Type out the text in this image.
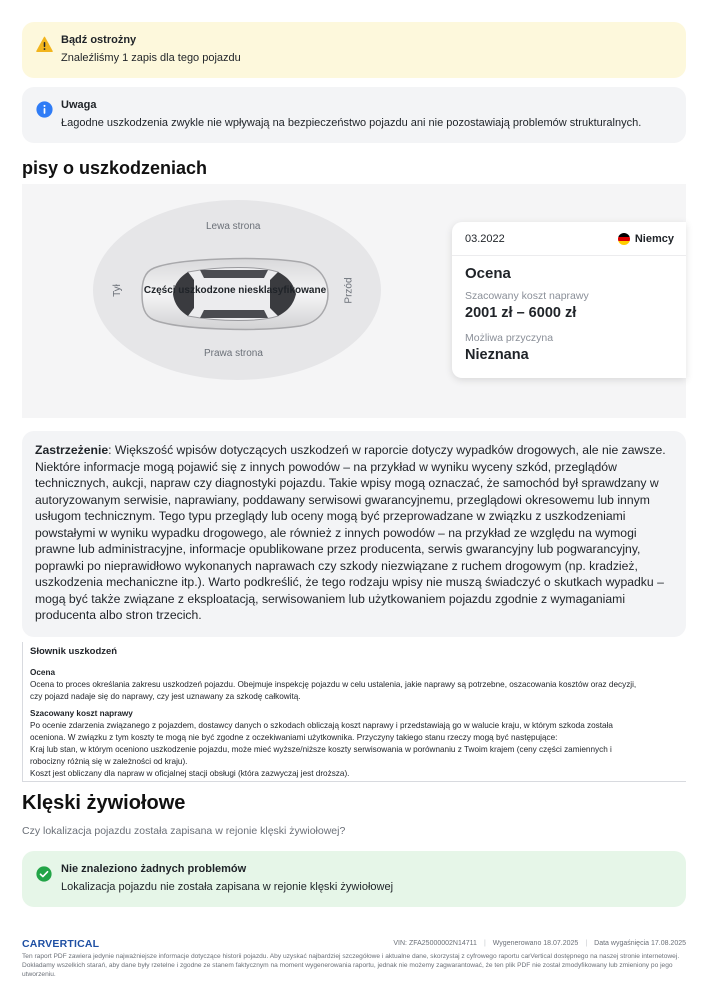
Bądź ostrożny
Znaleźliśmy 1 zapis dla tego pojazdu
Uwaga
Łagodne uszkodzenia zwykle nie wpływają na bezpieczeństwo pojazdu ani nie pozostawiają problemów strukturalnych.
pisy o uszkodzeniach
Lewa strona
Prawa strona
Tył	Przód
Części uszkodzone niesklasyfikowane
03.2022	Niemcy
Ocena
Szacowany koszt naprawy
2001 zł – 6000 zł
Możliwa przyczyna
Nieznana
Zastrzeżenie: Większość wpisów dotyczących uszkodzeń w raporcie dotyczy wypadków drogowych, ale nie zawsze. Niektóre informacje mogą pojawić się z innych powodów – na przykład w wyniku wyceny szkód, przeglądów technicznych, aukcji, napraw czy diagnostyki pojazdu. Takie wpisy mogą oznaczać, że samochód był sprawdzany w autoryzowanym serwisie, naprawiany, poddawany serwisowi gwarancyjnemu, przeglądowi okresowemu lub innym usługom technicznym. Tego typu przeglądy lub oceny mogą być przeprowadzane w związku z uszkodzeniami powstałymi w wyniku wypadku drogowego, ale również z innych powodów – na przykład ze względu na wymogi prawne lub administracyjne, informacje opublikowane przez producenta, serwis gwarancyjny lub pogwarancyjny, poprawki po nieprawidłowo wykonanych naprawach czy szkody niezwiązane z ruchem drogowym (np. kradzież, uszkodzenia mechaniczne itp.). Warto podkreślić, że tego rodzaju wpisy nie muszą świadczyć o skutkach wypadku – mogą być także związane z eksploatacją, serwisowaniem lub użytkowaniem pojazdu zgodnie z wymaganiami producenta albo stron trzecich.
Słownik uszkodzeń
Ocena
Ocena to proces określania zakresu uszkodzeń pojazdu. Obejmuje inspekcję pojazdu w celu ustalenia, jakie naprawy są potrzebne, oszacowania kosztów oraz decyzji,
czy pojazd nadaje się do naprawy, czy jest uznawany za szkodę całkowitą.
Szacowany koszt naprawy
Po ocenie zdarzenia związanego z pojazdem, dostawcy danych o szkodach obliczają koszt naprawy i przedstawiają go w walucie kraju, w którym szkoda została
oceniona. W związku z tym koszty te mogą nie być zgodne z oczekiwaniami użytkownika. Przyczyny takiego stanu rzeczy mogą być następujące:
Kraj lub stan, w którym oceniono uszkodzenie pojazdu, może mieć wyższe/niższe koszty serwisowania w porównaniu z Twoim krajem (ceny części zamiennych i
robocizny różnią się w zależności od kraju).
Koszt jest obliczany dla napraw w oficjalnej stacji obsługi (która zazwyczaj jest droższa).
Klęski żywiołowe
Czy lokalizacja pojazdu została zapisana w rejonie klęski żywiołowej?
Nie znaleziono żadnych problemów
Lokalizacja pojazdu nie została zapisana w rejonie klęski żywiołowej
CARVERTICAL	VIN: ZFA25000002N14711 | Wygenerowano 18.07.2025 | Data wygaśnięcia 17.08.2025
Ten raport PDF zawiera jedynie najważniejsze informacje dotyczące historii pojazdu. Aby uzyskać najbardziej szczegółowe i aktualne dane, skorzystaj z cyfrowego raportu carVertical dostępnego na naszej stronie internetowej. Dokładamy wszelkich starań, aby dane były rzetelne i zgodne ze stanem faktycznym na moment wygenerowania raportu, jednak nie możemy zagwarantować, że ten plik PDF nie został zmodyfikowany lub zmieniony po jego utworzeniu.
